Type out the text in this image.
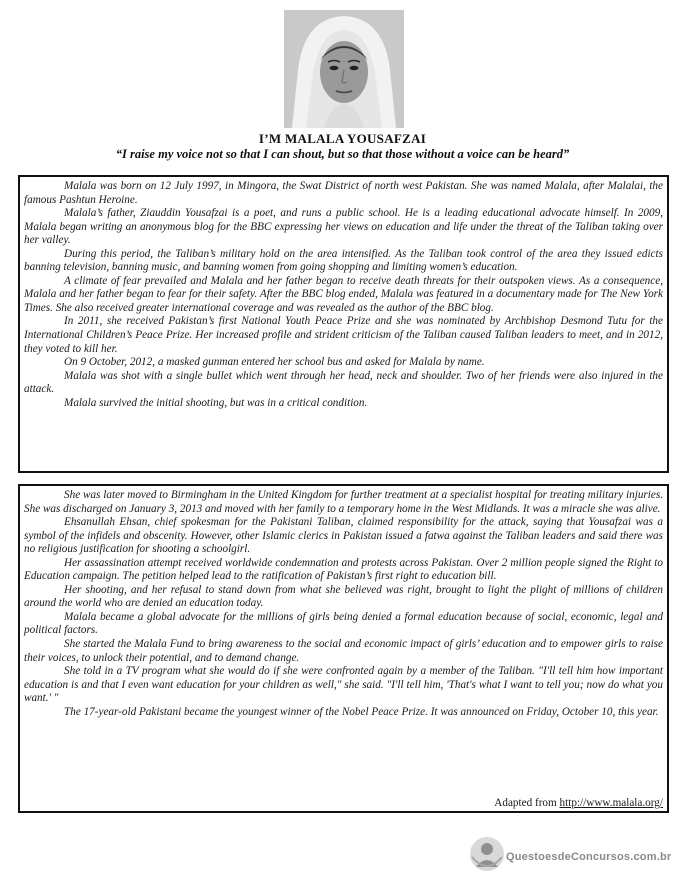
I’M MALALA YOUSAFZAI
“I raise my voice not so that I can shout, but so that those without a voice can be heard”

Malala was born on 12 July 1997, in Mingora, the Swat District of north west Pakistan. She was named Malala, after Malalai, the famous Pashtun Heroine.

Malala’s father, Ziauddin Yousafzai is a poet, and runs a public school. He is a leading educational advocate himself. In 2009, Malala began writing an anonymous blog for the BBC expressing her views on education and life under the threat of the Taliban taking over her valley.

During this period, the Taliban’s military hold on the area intensified. As the Taliban took control of the area they issued edicts banning television, banning music, and banning women from going shopping and limiting women’s education.

A climate of fear prevailed and Malala and her father began to receive death threats for their outspoken views. As a consequence, Malala and her father began to fear for their safety. After the BBC blog ended, Malala was featured in a documentary made for The New York Times. She also received greater international coverage and was revealed as the author of the BBC blog.

In 2011, she received Pakistan’s first National Youth Peace Prize and she was nominated by Archbishop Desmond Tutu for the International Children’s Peace Prize. Her increased profile and strident criticism of the Taliban caused Taliban leaders to meet, and in 2012, they voted to kill her.

On 9 October, 2012, a masked gunman entered her school bus and asked for Malala by name.

Malala was shot with a single bullet which went through her head, neck and shoulder. Two of her friends were also injured in the attack.

Malala survived the initial shooting, but was in a critical condition.

She was later moved to Birmingham in the United Kingdom for further treatment at a specialist hospital for treating military injuries. She was discharged on January 3, 2013 and moved with her family to a temporary home in the West Midlands. It was a miracle she was alive.

Ehsanullah Ehsan, chief spokesman for the Pakistani Taliban, claimed responsibility for the attack, saying that Yousafzai was a symbol of the infidels and obscenity. However, other Islamic clerics in Pakistan issued a fatwa against the Taliban leaders and said there was no religious justification for shooting a schoolgirl.

Her assassination attempt received worldwide condemnation and protests across Pakistan. Over 2 million people signed the Right to Education campaign. The petition helped lead to the ratification of Pakistan’s first right to education bill.

Her shooting, and her refusal to stand down from what she believed was right, brought to light the plight of millions of children around the world who are denied an education today.

Malala became a global advocate for the millions of girls being denied a formal education because of social, economic, legal and political factors.

She started the Malala Fund to bring awareness to the social and economic impact of girls’ education and to empower girls to raise their voices, to unlock their potential, and to demand change.

She told in a TV program what she would do if she were confronted again by a member of the Taliban. "I'll tell him how important education is and that I even want education for your children as well," she said. "I'll tell him, 'That's what I want to tell you; now do what you want.' "

The 17-year-old Pakistani became the youngest winner of the Nobel Peace Prize. It was announced on Friday, October 10, this year.

Adapted from http://www.malala.org/
QuestoesdeConcursos.com.br
